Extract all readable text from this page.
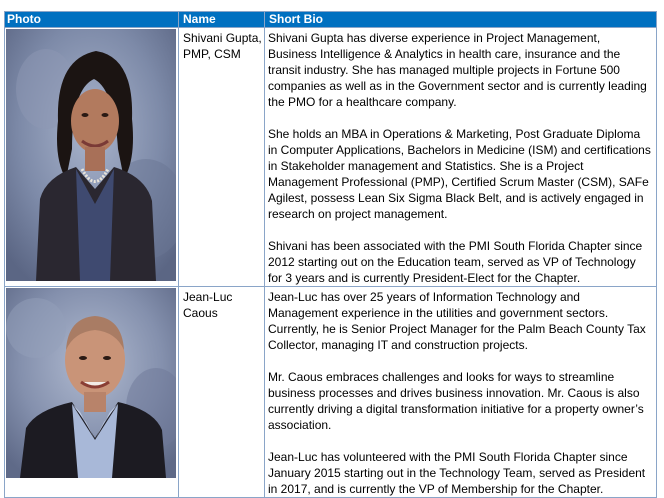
Photo	Name	Short Bio

	Shivani Gupta, PMP, CSM	Shivani Gupta has diverse experience in Project Management, Business Intelligence & Analytics in health care, insurance and the transit industry. She has managed multiple projects in Fortune 500 companies as well as in the Government sector and is currently leading the PMO for a healthcare company.

She holds an MBA in Operations & Marketing, Post Graduate Diploma in Computer Applications, Bachelors in Medicine (ISM) and certifications in Stakeholder management and Statistics. She is a Project Management Professional (PMP), Certified Scrum Master (CSM), SAFe Agilest, possess Lean Six Sigma Black Belt, and is actively engaged in research on project management.

Shivani has been associated with the PMI South Florida Chapter since 2012 starting out on the Education team, served as VP of Technology for 3 years and is currently President-Elect for the Chapter.

	Jean-Luc Caous	Jean-Luc has over 25 years of Information Technology and Management experience in the utilities and government sectors. Currently, he is Senior Project Manager for the Palm Beach County Tax Collector, managing IT and construction projects.

Mr. Caous embraces challenges and looks for ways to streamline business processes and drives business innovation. Mr. Caous is also currently driving a digital transformation initiative for a property owner’s association.

Jean-Luc has volunteered with the PMI South Florida Chapter since January 2015 starting out in the Technology Team, served as President in 2017, and is currently the VP of Membership for the Chapter.
